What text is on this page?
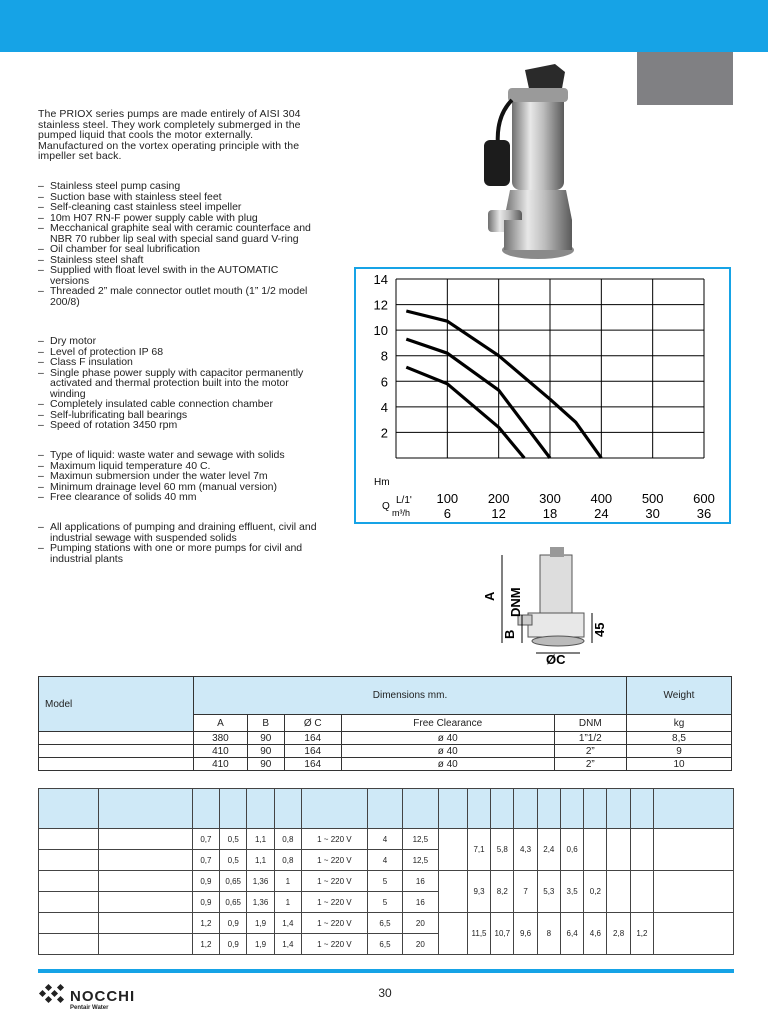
The PRIOX series pumps are made entirely of AISI 304 stainless steel. They work completely submerged in the pumped liquid that cools the motor externally. Manufactured on the vortex operating principle with the impeller set back.
– Stainless steel pump casing
– Suction base with stainless steel feet
– Self-cleaning cast stainless steel impeller
– 10m H07 RN-F power supply cable with plug
– Mecchanical graphite seal with ceramic counterface and NBR 70 rubber lip seal with special sand guard V-ring
– Oil chamber for seal lubrification
– Stainless steel shaft
– Supplied with float level swith in the AUTOMATIC versions
– Threaded 2” male connector outlet mouth (1” 1/2 model 200/8)
– Dry motor
– Level of protection IP 68
– Class F insulation
– Single phase power supply with capacitor permanently activated and thermal protection built into the motor winding
– Completely insulated cable connection chamber
– Self-lubrificating ball bearings
– Speed of rotation 3450 rpm
– Type of liquid: waste water and sewage with solids
– Maximum liquid temperature 40 C.
– Maximun submersion under the water level 7m
– Minimum drainage level 60 mm (manual version)
– Free clearance of solids 40 mm
– All applications of pumping and draining effluent, civil and industrial sewage with suspended solids
– Pumping stations with one or more pumps for civil and industrial plants
2
4
6
8
10
12
14
Hm
Q
L/1'
m³/h
100 200 300 400 500 600
6	12	18	24	30	36
A DNM
B	45
ØC
Model	Dimensions mm.					Weight
	A	B	Ø C	Free Clearance	DNM	kg
	380	90	164	ø 40	1”1/2	8,5
	410	90	164	ø 40	2”	9
	410	90	164	ø 40	2”	10

		0,7	0,5	1,1	0,8	1 ~ 220 V	4	12,5		7,1	5,8	4,3	2,4	0,6				
		0,7	0,5	1,1	0,8	1 ~ 220 V	4	12,5										
		0,9	0,65	1,36	1	1 ~ 220 V	5	16		9,3	8,2	7	5,3	3,5	0,2			
		0,9	0,65	1,36	1	1 ~ 220 V	5	16										
		1,2	0,9	1,9	1,4	1 ~ 220 V	6,5	20		11,5	10,7	9,6	8	6,4	4,6	2,8	1,2	
		1,2	0,9	1,9	1,4	1 ~ 220 V	6,5	20										
NOCCHI
Pentair Water
30
